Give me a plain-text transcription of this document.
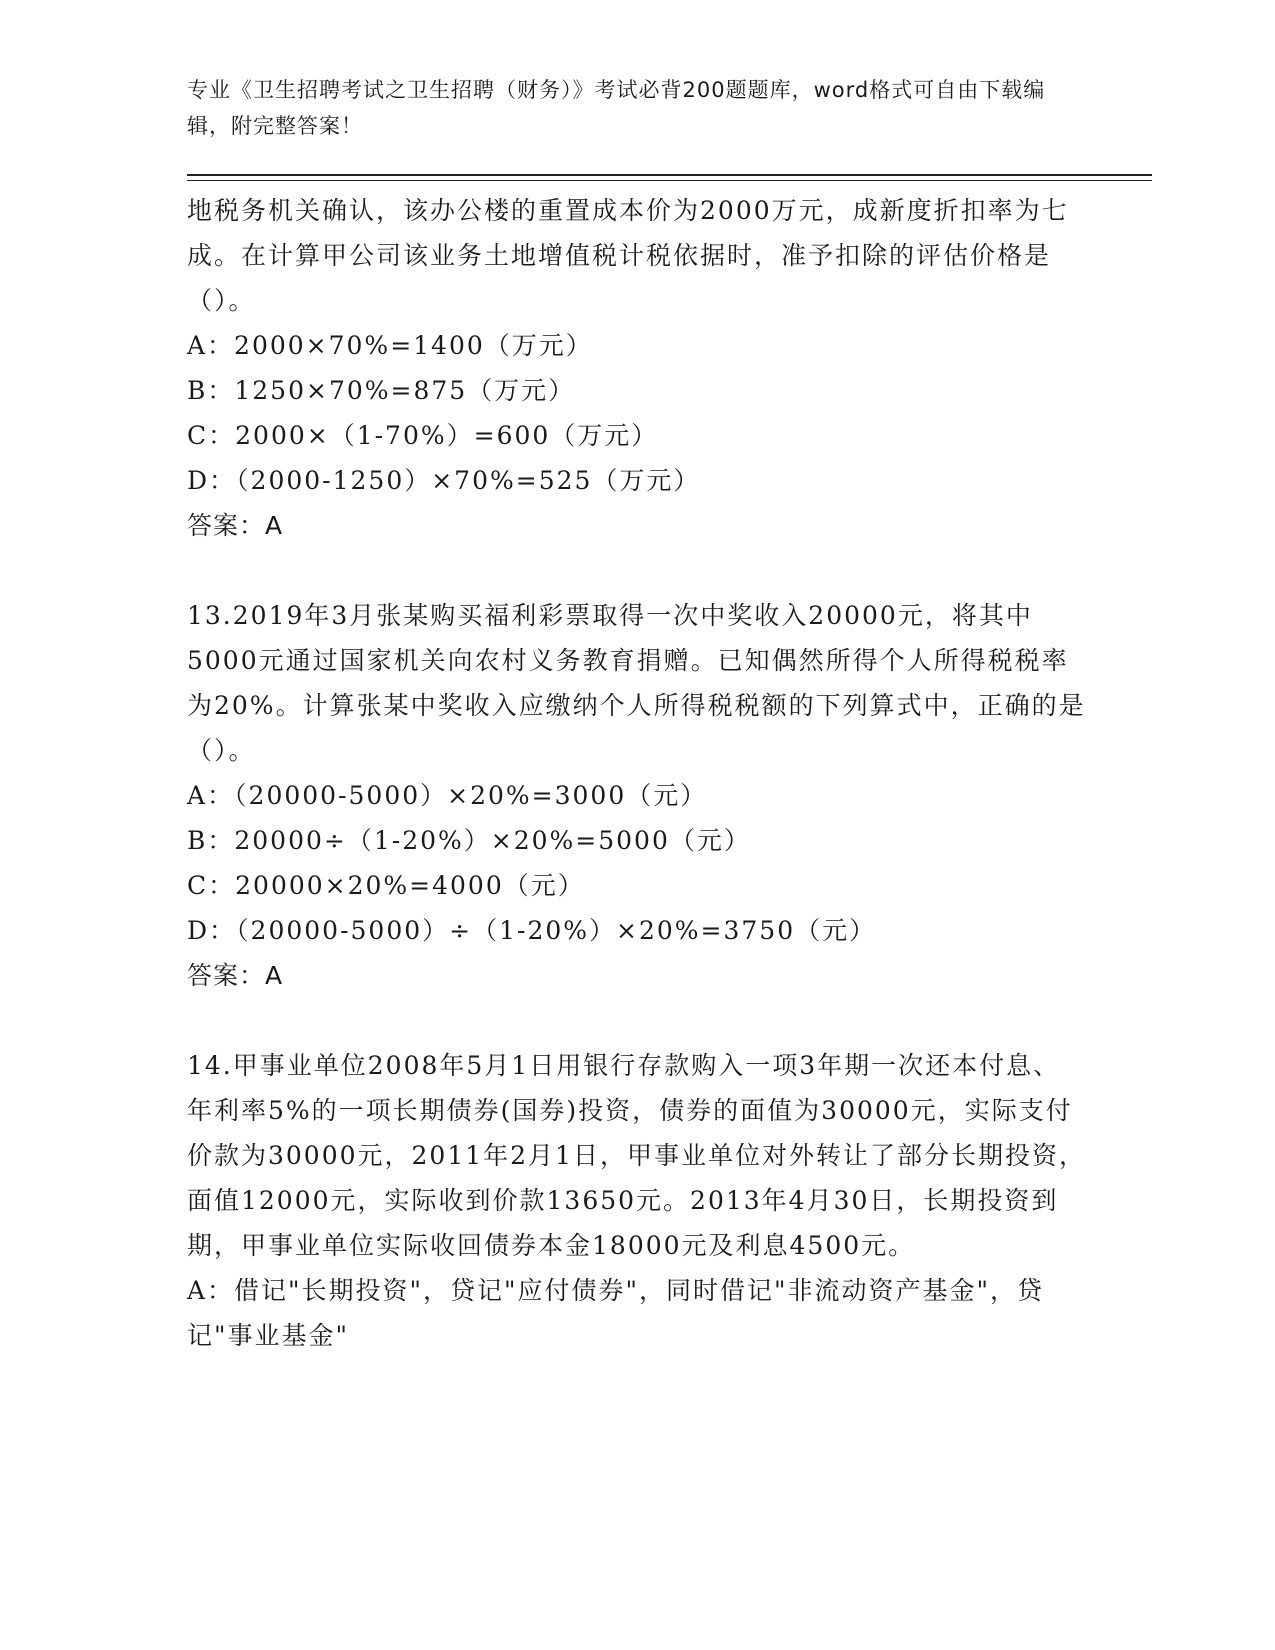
专业《卫生招聘考试之卫生招聘（财务）》考试必背200题题库，word格式可自由下载编辑，附完整答案！

地税务机关确认，该办公楼的重置成本价为2000万元，成新度折扣率为七成。在计算甲公司该业务土地增值税计税依据时，准予扣除的评估价格是（）。

A：2000×70%=1400（万元）

B：1250×70%=875（万元）

C：2000×（1-70%）=600（万元）

D：（2000-1250）×70%=525（万元）

答案：A

13.2019年3月张某购买福利彩票取得一次中奖收入20000元，将其中5000元通过国家机关向农村义务教育捐赠。已知偶然所得个人所得税税率为20%。计算张某中奖收入应缴纳个人所得税税额的下列算式中，正确的是（）。

A：（20000-5000）×20%=3000（元）

B：20000÷（1-20%）×20%=5000（元）

C：20000×20%=4000（元）

D：（20000-5000）÷（1-20%）×20%=3750（元）

答案：A

14.甲事业单位2008年5月1日用银行存款购入一项3年期一次还本付息、年利率5%的一项长期债券(国券)投资，债券的面值为30000元，实际支付价款为30000元，2011年2月1日，甲事业单位对外转让了部分长期投资，面值12000元，实际收到价款13650元。2013年4月30日，长期投资到期，甲事业单位实际收回债券本金18000元及利息4500元。

A：借记"长期投资"，贷记"应付债券"，同时借记"非流动资产基金"，贷记"事业基金"
